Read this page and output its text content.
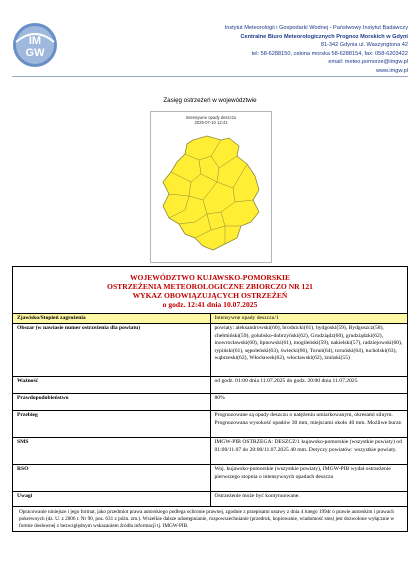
IM
GW
Instytut Meteorologii i Gospodarki Wodnej - Państwowy Instytut Badawczy
Centralne Biuro Meteorologicznych Prognoz Morskich w Gdyni
81-342 Gdynia ul. Waszyngtona 42
tel: 58-6288150, osłona morska 58-6288154, fax: 058-6203422
email: meteo.pomorze@imgw.pl
www.imgw.pl
Zasięg ostrzeżeń w województwie
Intensywne opady deszczu
2025-07-10 12:41
WOJEWÓDZTWO KUJAWSKO-POMORSKIE
OSTRZEŻENIA METEOROLOGICZNE ZBIORCZO NR 121
WYKAZ OBOWIĄZUJĄCYCH OSTRZEŻEŃ
o godz. 12:41 dnia 10.07.2025	

Zjawisko/Stopień zagrożenia	Intensywne opady deszczu/1
Obszar (w nawiasie numer ostrzeżenia dla powiatu)	powiaty: aleksandrowski(60), brodnicki(61), bydgoski(59), Bydgoszcz(58), chełmiński(59), golubsko-dobrzyński(62), Grudziądz(60), grudziądzki(62), inowrocławski(60), lipnowski(61), mogileński(59), nakielski(57), radziejowski(60), rypiński(61), sępoleński(63), świecki(66), Toruń(64), toruński(64), tucholski(63), wąbrzeski(62), Włocławek(62), włocławski(62), żniński(55)
Ważność	od godz. 01:00 dnia 11.07.2025 do godz. 20:00 dnia 11.07.2025
Prawdopodobieństwo	80%
Przebieg	Prognozowane są opady deszczu o natężeniu umiarkowanym, okresami silnym. Prognozowana wysokość opadów 30 mm, miejscami około 40 mm. Możliwe burze.
SMS	IMGW-PIB OSTRZEGA: DESZCZ/1 kujawsko-pomorskie (wszystkie powiaty) od 01:00/11.07 do 20:00/11.07.2025 40 mm. Dotyczy powiatów: wszystkie powiaty.
RSO	Woj. kujawsko-pomorskie (wszystkie powiaty), IMGW-PIB wydał ostrzeżenie pierwszego stopnia o intensywnych opadach deszczu
Uwagi	Ostrzeżenie może być kontynuowane.
Opracowanie niniejsze i jego format, jako przedmiot prawa autorskiego podlega ochronie prawnej, zgodnie z przepisami ustawy z dnia 4 lutego 1994r o prawie autorskim i prawach pokrewnych (dz. U. z 2006 r. Nr 90, poz. 631 z późn. zm.). Wszelkie dalsze udostępnianie, rozpowszechnianie (przedruk, kopiowanie, wiadomość sms) jest dozwolone wyłącznie w formie dosłownej z bezwzględnym wskazaniem źródła informacji tj. IMGW-PIB.	
